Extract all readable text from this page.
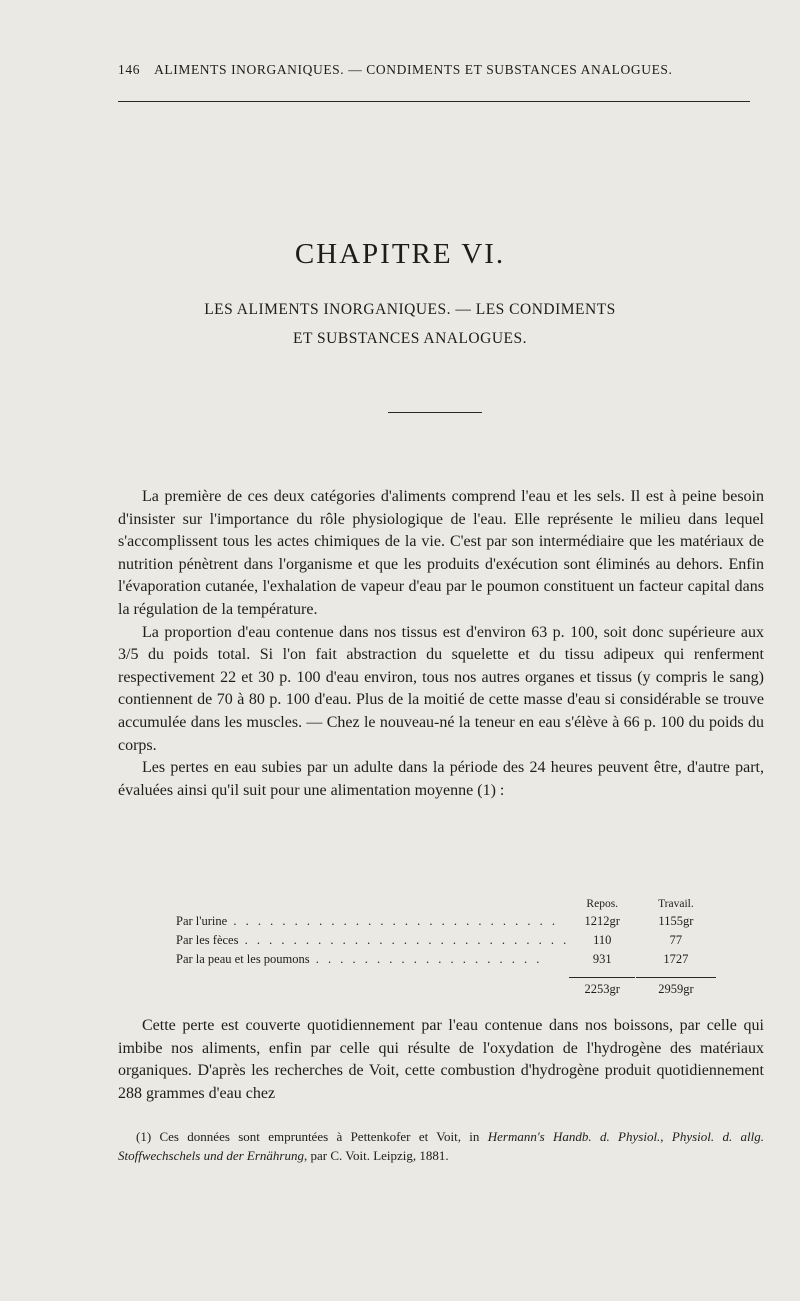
146 ALIMENTS INORGANIQUES. — CONDIMENTS ET SUBSTANCES ANALOGUES.
CHAPITRE VI.
LES ALIMENTS INORGANIQUES. — LES CONDIMENTS
ET SUBSTANCES ANALOGUES.

La première de ces deux catégories d'aliments comprend l'eau et les sels. Il est à peine besoin d'insister sur l'importance du rôle physiologique de l'eau. Elle représente le milieu dans lequel s'accomplissent tous les actes chimiques de la vie. C'est par son intermédiaire que les matériaux de nutrition pénètrent dans l'organisme et que les produits d'exécution sont éliminés au dehors. Enfin l'évaporation cutanée, l'exhalation de vapeur d'eau par le poumon constituent un facteur capital dans la régulation de la température.

La proportion d'eau contenue dans nos tissus est d'environ 63 p. 100, soit donc supérieure aux 3/5 du poids total. Si l'on fait abstraction du squelette et du tissu adipeux qui renferment respectivement 22 et 30 p. 100 d'eau environ, tous nos autres organes et tissus (y compris le sang) contiennent de 70 à 80 p. 100 d'eau. Plus de la moitié de cette masse d'eau si considérable se trouve accumulée dans les muscles. — Chez le nouveau-né la teneur en eau s'élève à 66 p. 100 du poids du corps.

Les pertes en eau subies par un adulte dans la période des 24 heures peuvent être, d'autre part, évaluées ainsi qu'il suit pour une alimentation moyenne (1) :

	Repos.		Travail.
Par l'urine . . . . . . . . . . . . . . . . . . . . . . . . . . .	1212gr		1155gr
Par les fèces . . . . . . . . . . . . . . . . . . . . . . . . . . .	110		77
Par la peau et les poumons . . . . . . . . . . . . . . . . . . .	931		1727
	2253gr		2959gr

Cette perte est couverte quotidiennement par l'eau contenue dans nos boissons, par celle qui imbibe nos aliments, enfin par celle qui résulte de l'oxydation de l'hydrogène des matériaux organiques. D'après les recherches de Voit, cette combustion d'hydrogène produit quotidiennement 288 grammes d'eau chez

(1) Ces données sont empruntées à Pettenkofer et Voit, in Hermann's Handb. d. Physiol., Physiol. d. allg. Stoffwechschels und der Ernährung, par C. Voit. Leipzig, 1881.
